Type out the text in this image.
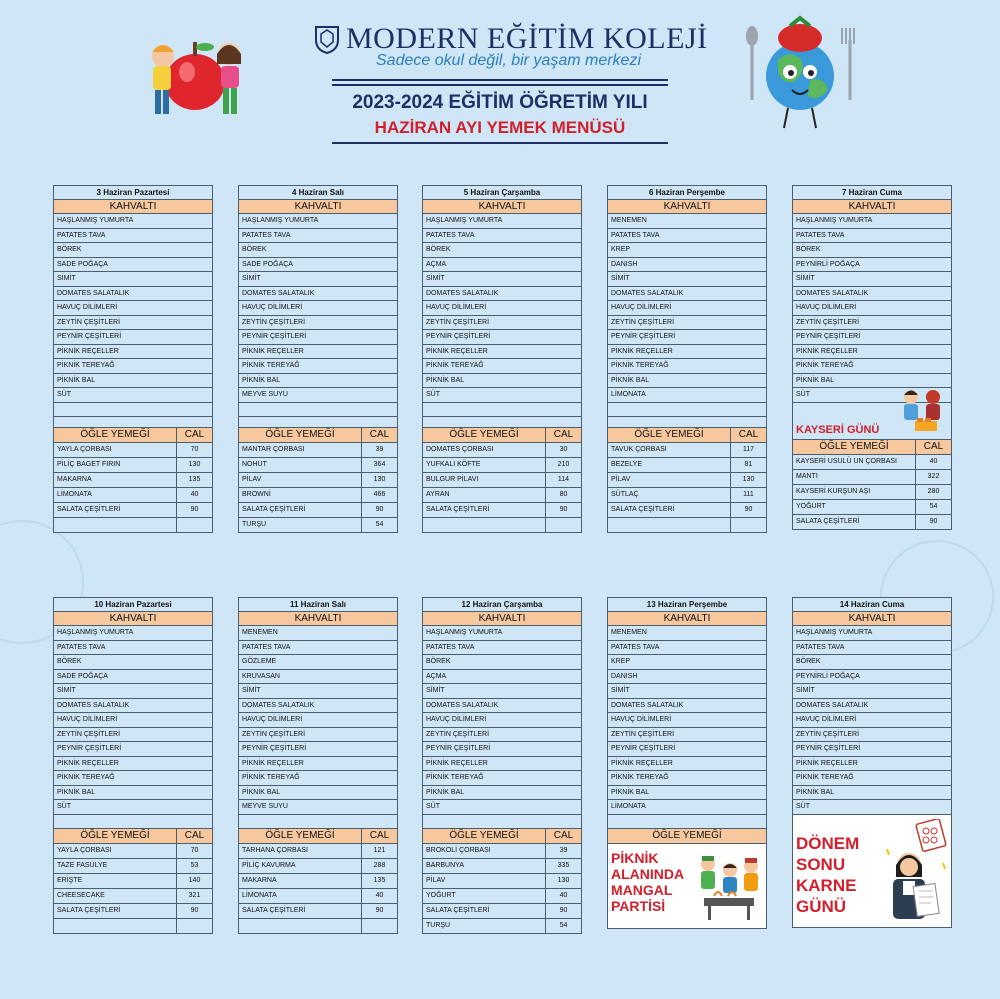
MODERN EĞİTİM KOLEJİ
Sadece okul değil, bir yaşam merkezi
2023-2024 EĞİTİM ÖĞRETİM YILI
HAZİRAN AYI YEMEK MENÜSÜ
3 Haziran Pazartesi
KAHVALTI
HAŞLANMIŞ YUMURTA
PATATES TAVA
BÖREK
SADE POĞAÇA
SİMİT
DOMATES SALATALIK
HAVUÇ DİLİMLERİ
ZEYTİN ÇEŞİTLERİ
PEYNİR ÇEŞİTLERİ
PİKNİK REÇELLER
PİKNİK TEREYAĞ
PİKNİK BAL
SÜT
ÖĞLE YEMEĞİ	CAL
YAYLA ÇORBASI	70
PİLİÇ BAGET FIRIN	130
MAKARNA	135
LİMONATA	40
SALATA ÇEŞİTLERİ	90
4 Haziran Salı
KAHVALTI
HAŞLANMIŞ YUMURTA
PATATES TAVA
BÖREK
SADE POĞAÇA
SİMİT
DOMATES SALATALIK
HAVUÇ DİLİMLERİ
ZEYTİN ÇEŞİTLERİ
PEYNİR ÇEŞİTLERİ
PİKNİK REÇELLER
PİKNİK TEREYAĞ
PİKNİK BAL
MEYVE SUYU
ÖĞLE YEMEĞİ	CAL
MANTAR ÇORBASI	39
NOHUT	364
PİLAV	130
BROWNİ	466
SALATA ÇEŞİTLERİ	90
TURŞU	54
5 Haziran Çarşamba
KAHVALTI
HAŞLANMIŞ YUMURTA
PATATES TAVA
BÖREK
AÇMA
SİMİT
DOMATES SALATALIK
HAVUÇ DİLİMLERİ
ZEYTİN ÇEŞİTLERİ
PEYNİR ÇEŞİTLERİ
PİKNİK REÇELLER
PİKNİK TEREYAĞ
PİKNİK BAL
SÜT
ÖĞLE YEMEĞİ	CAL
DOMATES ÇORBASI	30
YUFKALI KÖFTE	210
BULGUR PİLAVI	114
AYRAN	80
SALATA ÇEŞİTLERİ	90
6 Haziran Perşembe
KAHVALTI
MENEMEN
PATATES TAVA
KREP
DANISH
SİMİT
DOMATES SALATALIK
HAVUÇ DİLİMLERİ
ZEYTİN ÇEŞİTLERİ
PEYNİR ÇEŞİTLERİ
PİKNİK REÇELLER
PİKNİK TEREYAĞ
PİKNİK BAL
LİMONATA
ÖĞLE YEMEĞİ	CAL
TAVUK ÇORBASI	117
BEZELYE	81
PİLAV	130
SÜTLAÇ	111
SALATA ÇEŞİTLERİ	90
7 Haziran Cuma
KAHVALTI
HAŞLANMIŞ YUMURTA
PATATES TAVA
BÖREK
PEYNİRLİ POĞAÇA
SİMİT
DOMATES SALATALIK
HAVUÇ DİLİMLERİ
ZEYTİN ÇEŞİTLERİ
PEYNİR ÇEŞİTLERİ
PİKNİK REÇELLER
PİKNİK TEREYAĞ
PİKNİK BAL
SÜT
KAYSERİ GÜNÜ
ÖĞLE YEMEĞİ	CAL
KAYSERİ USULÜ UN ÇORBASI	40
MANTI	322
KAYSERİ KURŞUN AŞI	280
YOĞURT	54
SALATA ÇEŞİTLERİ	90
10 Haziran Pazartesi
KAHVALTI
HAŞLANMIŞ YUMURTA
PATATES TAVA
BÖREK
SADE POĞAÇA
SİMİT
DOMATES SALATALIK
HAVUÇ DİLİMLERİ
ZEYTİN ÇEŞİTLERİ
PEYNİR ÇEŞİTLERİ
PİKNİK REÇELLER
PİKNİK TEREYAĞ
PİKNİK BAL
SÜT
ÖĞLE YEMEĞİ	CAL
YAYLA ÇORBASI	70
TAZE FASULYE	53
ERİŞTE	140
CHEESECAKE	321
SALATA ÇEŞİTLERİ	90
11 Haziran Salı
KAHVALTI
MENEMEN
PATATES TAVA
GÖZLEME
KRUVASAN
SİMİT
DOMATES SALATALIK
HAVUÇ DİLİMLERİ
ZEYTİN ÇEŞİTLERİ
PEYNİR ÇEŞİTLERİ
PİKNİK REÇELLER
PİKNİK TEREYAĞ
PİKNİK BAL
MEYVE SUYU
ÖĞLE YEMEĞİ	CAL
TARHANA ÇORBASI	121
PİLİÇ KAVURMA	288
MAKARNA	135
LİMONATA	40
SALATA ÇEŞİTLERİ	90
12 Haziran Çarşamba
KAHVALTI
HAŞLANMIŞ YUMURTA
PATATES TAVA
BÖREK
AÇMA
SİMİT
DOMATES SALATALIK
HAVUÇ DİLİMLERİ
ZEYTİN ÇEŞİTLERİ
PEYNİR ÇEŞİTLERİ
PİKNİK REÇELLER
PİKNİK TEREYAĞ
PİKNİK BAL
SÜT
ÖĞLE YEMEĞİ	CAL
BROKOLİ ÇORBASI	39
BARBUNYA	335
PİLAV	130
YOĞURT	40
SALATA ÇEŞİTLERİ	90
TURŞU	54
13 Haziran Perşembe
KAHVALTI
MENEMEN
PATATES TAVA
KREP
DANISH
SİMİT
DOMATES SALATALIK
HAVUÇ DİLİMLERİ
ZEYTİN ÇEŞİTLERİ
PEYNİR ÇEŞİTLERİ
PİKNİK REÇELLER
PİKNİK TEREYAĞ
PİKNİK BAL
LİMONATA
ÖĞLE YEMEĞİ
PİKNİK
ALANINDA
MANGAL
PARTİSİ
14 Haziran Cuma
KAHVALTI
HAŞLANMIŞ YUMURTA
PATATES TAVA
BÖREK
PEYNİRLİ POĞAÇA
SİMİT
DOMATES SALATALIK
HAVUÇ DİLİMLERİ
ZEYTİN ÇEŞİTLERİ
PEYNİR ÇEŞİTLERİ
PİKNİK REÇELLER
PİKNİK TEREYAĞ
PİKNİK BAL
SÜT
DÖNEM
SONU
KARNE
GÜNÜ
